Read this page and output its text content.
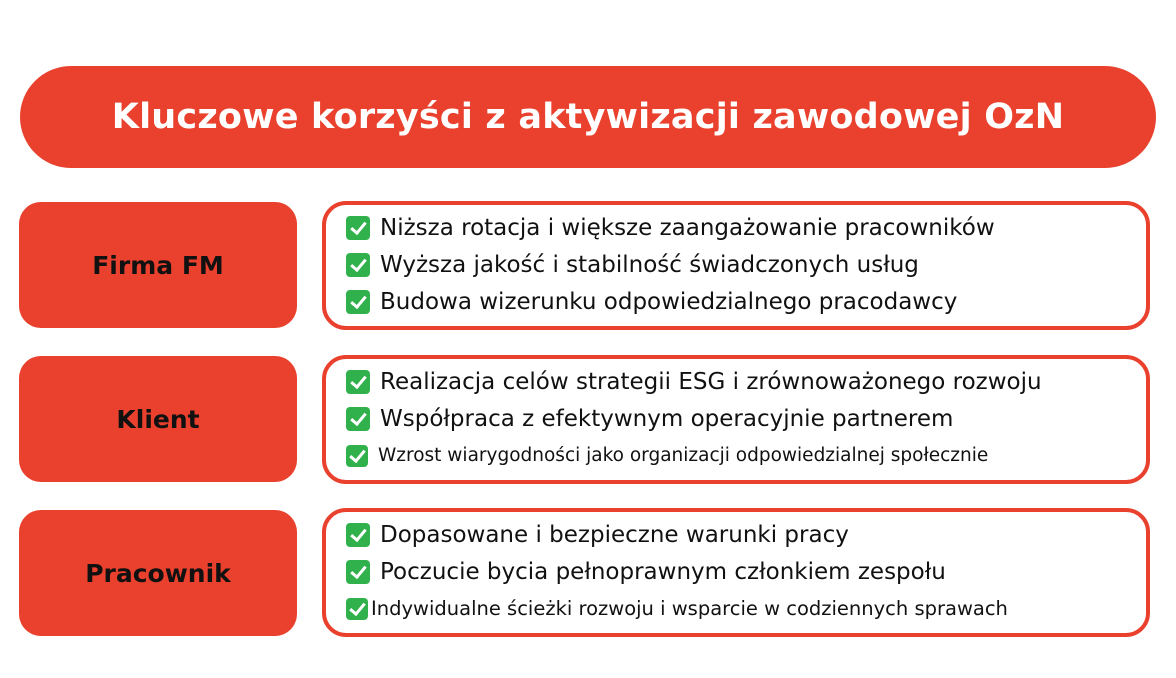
Kluczowe korzyści z aktywizacji zawodowej OzN
Firma FM
Niższa rotacja i większe zaangażowanie pracowników
Wyższa jakość i stabilność świadczonych usług
Budowa wizerunku odpowiedzialnego pracodawcy
Klient
Realizacja celów strategii ESG i zrównoważonego rozwoju
Współpraca z efektywnym operacyjnie partnerem
Wzrost wiarygodności jako organizacji odpowiedzialnej społecznie
Pracownik
Dopasowane i bezpieczne warunki pracy
Poczucie bycia pełnoprawnym członkiem zespołu
Indywidualne ścieżki rozwoju i wsparcie w codziennych sprawach
